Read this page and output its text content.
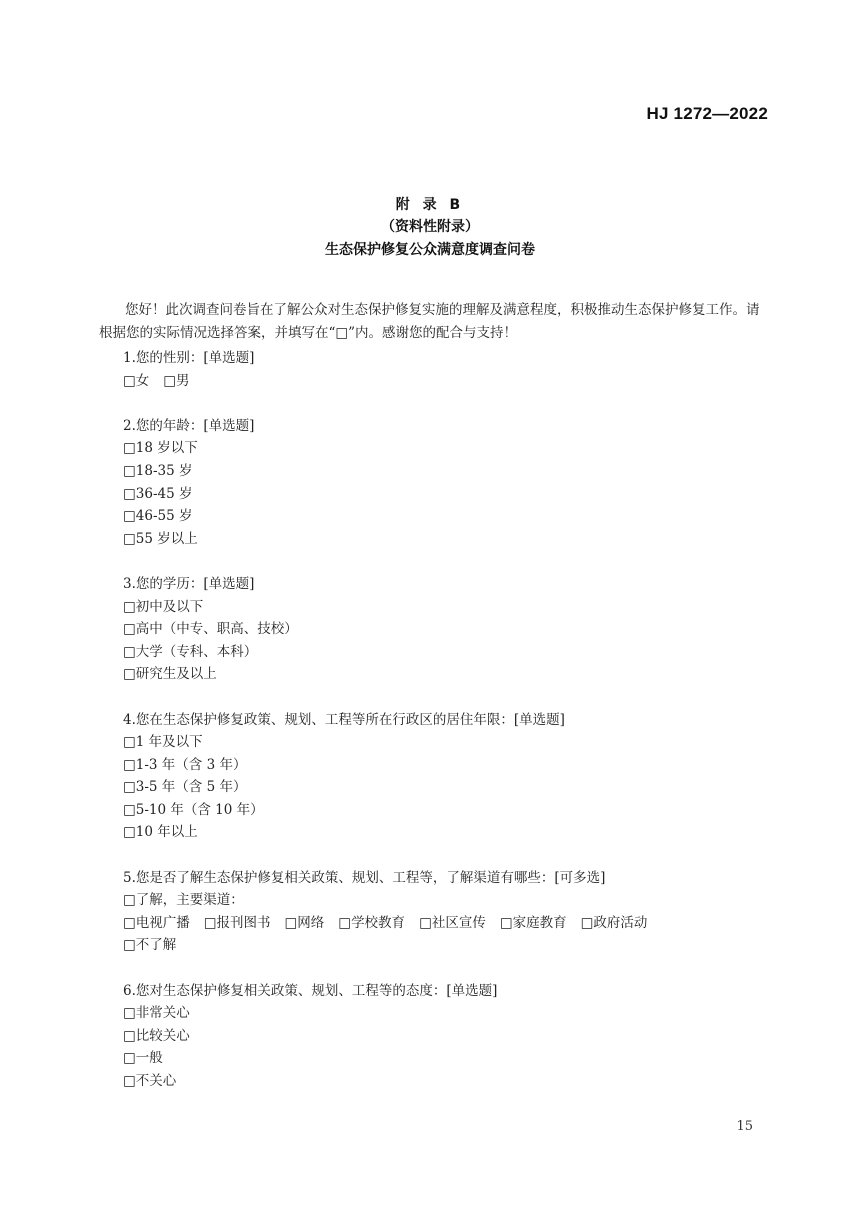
HJ 1272—2022
附 录 B
（资料性附录）
生态保护修复公众满意度调查问卷

您好！此次调查问卷旨在了解公众对生态保护修复实施的理解及满意程度，积极推动生态保护修复工作。请根据您的实际情况选择答案，并填写在“□”内。感谢您的配合与支持！

1.您的性别：[单选题]
□女 □男
2.您的年龄：[单选题]
□18 岁以下
□18-35 岁
□36-45 岁
□46-55 岁
□55 岁以上
3.您的学历：[单选题]
□初中及以下
□高中（中专、职高、技校）
□大学（专科、本科）
□研究生及以上
4.您在生态保护修复政策、规划、工程等所在行政区的居住年限：[单选题]
□1 年及以下
□1-3 年（含 3 年）
□3-5 年（含 5 年）
□5-10 年（含 10 年）
□10 年以上
5.您是否了解生态保护修复相关政策、规划、工程等，了解渠道有哪些：[可多选]
□了解，主要渠道：
□电视广播 □报刊图书 □网络 □学校教育 □社区宣传 □家庭教育 □政府活动
□不了解
6.您对生态保护修复相关政策、规划、工程等的态度：[单选题]
□非常关心
□比较关心
□一般
□不关心
15
